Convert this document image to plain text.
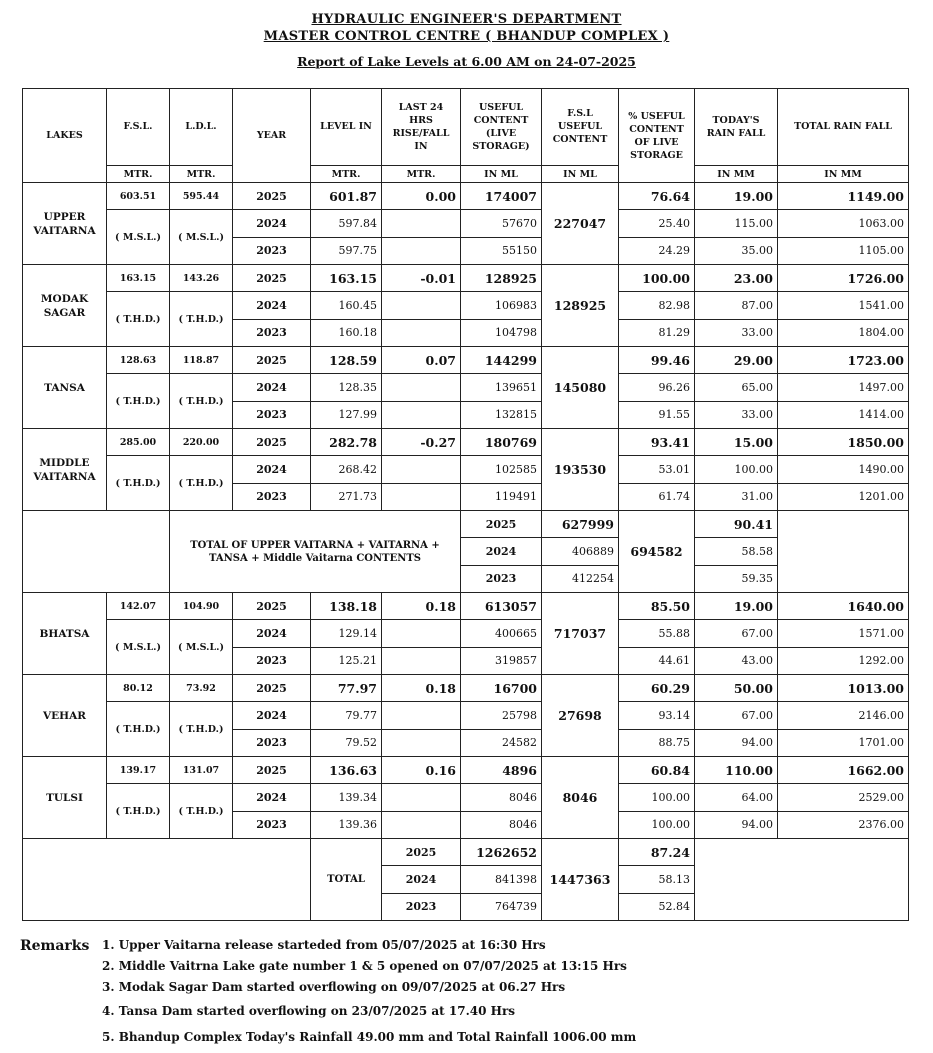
HYDRAULIC ENGINEER'S DEPARTMENT
MASTER CONTROL CENTRE ( BHANDUP COMPLEX )
Report of Lake Levels at 6.00 AM on 24-07-2025
LAKES	F.S.L.	L.D.L.	YEAR	LEVEL IN	LAST 24 HRS RISE/FALL IN	USEFUL CONTENT (LIVE STORAGE)	F.S.L USEFUL CONTENT	% USEFUL CONTENT OF LIVE STORAGE	TODAY'S RAIN FALL	TOTAL RAIN FALL
	MTR.	MTR.		MTR.	MTR.	IN ML	IN ML		IN MM	IN MM
UPPER VAITARNA	603.51	595.44	2025	601.87	0.00	174007	227047	76.64	19.00	1149.00
	( M.S.L.)	( M.S.L.)	2024	597.84		57670		25.40	115.00	1063.00
			2023	597.75		55150		24.29	35.00	1105.00
MODAK SAGAR	163.15	143.26	2025	163.15	-0.01	128925	128925	100.00	23.00	1726.00
	( T.H.D.)	( T.H.D.)	2024	160.45		106983		82.98	87.00	1541.00
			2023	160.18		104798		81.29	33.00	1804.00
TANSA	128.63	118.87	2025	128.59	0.07	144299	145080	99.46	29.00	1723.00
	( T.H.D.)	( T.H.D.)	2024	128.35		139651		96.26	65.00	1497.00
			2023	127.99		132815		91.55	33.00	1414.00
MIDDLE VAITARNA	285.00	220.00	2025	282.78	-0.27	180769	193530	93.41	15.00	1850.00
	( T.H.D.)	( T.H.D.)	2024	268.42		102585		53.01	100.00	1490.00
			2023	271.73		119491		61.74	31.00	1201.00
		TOTAL OF UPPER VAITARNA + VAITARNA + TANSA + Middle Vaitarna CONTENTS				2025	627999	694582	90.41	
						2024	406889		58.58	
						2023	412254		59.35	
BHATSA	142.07	104.90	2025	138.18	0.18	613057	717037	85.50	19.00	1640.00
	( M.S.L.)	( M.S.L.)	2024	129.14		400665		55.88	67.00	1571.00
			2023	125.21		319857		44.61	43.00	1292.00
VEHAR	80.12	73.92	2025	77.97	0.18	16700	27698	60.29	50.00	1013.00
	( T.H.D.)	( T.H.D.)	2024	79.77		25798		93.14	67.00	2146.00
			2023	79.52		24582		88.75	94.00	1701.00
TULSI	139.17	131.07	2025	136.63	0.16	4896	8046	60.84	110.00	1662.00
	( T.H.D.)	( T.H.D.)	2024	139.34		8046		100.00	64.00	2529.00
			2023	139.36		8046		100.00	94.00	2376.00
				TOTAL	2025	1262652	1447363	87.24		
					2024	841398		58.13		
					2023	764739		52.84		
Remarks 1. Upper Vaitarna release starteded from 05/07/2025 at 16:30 Hrs
2. Middle Vaitrna Lake gate number 1 & 5 opened on 07/07/2025 at 13:15 Hrs
3. Modak Sagar Dam started overflowing on 09/07/2025 at 06.27 Hrs
4. Tansa Dam started overflowing on 23/07/2025 at 17.40 Hrs
5. Bhandup Complex Today's Rainfall 49.00 mm and Total Rainfall 1006.00 mm
